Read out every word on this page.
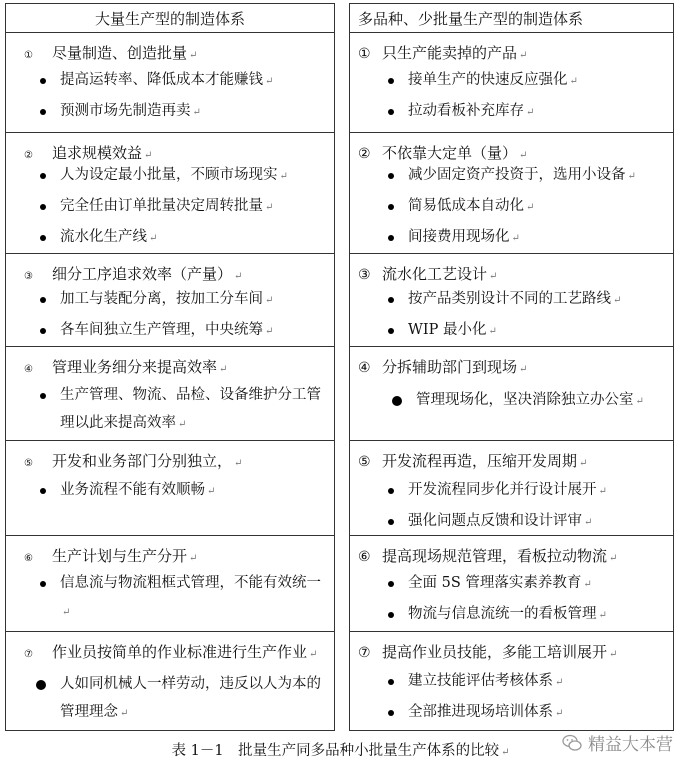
大量生产型的制造体系
① 尽量制造、创造批量 ↵
提高运转率、降低成本才能赚钱 ↵
预测市场先制造再卖 ↵
② 追求规模效益 ↵
人为设定最小批量，不顾市场现实 ↵
完全任由订单批量决定周转批量 ↵
流水化生产线 ↵
③ 细分工序追求效率（产量） ↵
加工与装配分离，按加工分车间 ↵
各车间独立生产管理，中央统筹 ↵
④ 管理业务细分来提高效率 ↵
生产管理、物流、品检、设备维护分工管理以此来提高效率 ↵
⑤ 开发和业务部门分别独立， ↵
业务流程不能有效顺畅 ↵
⑥ 生产计划与生产分开 ↵
信息流与物流粗框式管理，不能有效统一↵
⑦ 作业员按简单的作业标准进行生产作业 ↵
人如同机械人一样劳动，违反以人为本的管理理念 ↵
多品种、少批量生产型的制造体系
① 只生产能卖掉的产品 ↵
接单生产的快速反应强化 ↵
拉动看板补充库存 ↵
② 不依靠大定单（量） ↵
减少固定资产投资于，选用小设备 ↵
简易低成本自动化 ↵
间接费用现场化 ↵
③ 流水化工艺设计 ↵
按产品类别设计不同的工艺路线 ↵
WIP 最小化 ↵
④ 分拆辅助部门到现场 ↵
管理现场化，坚决消除独立办公室 ↵
⑤ 开发流程再造，压缩开发周期 ↵
开发流程同步化并行设计展开 ↵
强化问题点反馈和设计评审 ↵
⑥ 提高现场规范管理，看板拉动物流 ↵
全面 5S 管理落实素养教育 ↵
物流与信息流统一的看板管理 ↵
⑦ 提高作业员技能，多能工培训展开 ↵
建立技能评估考核体系 ↵
全部推进现场培训体系 ↵
表 1－1　批量生产同多品种小批量生产体系的比较 ↵	精益大本营
